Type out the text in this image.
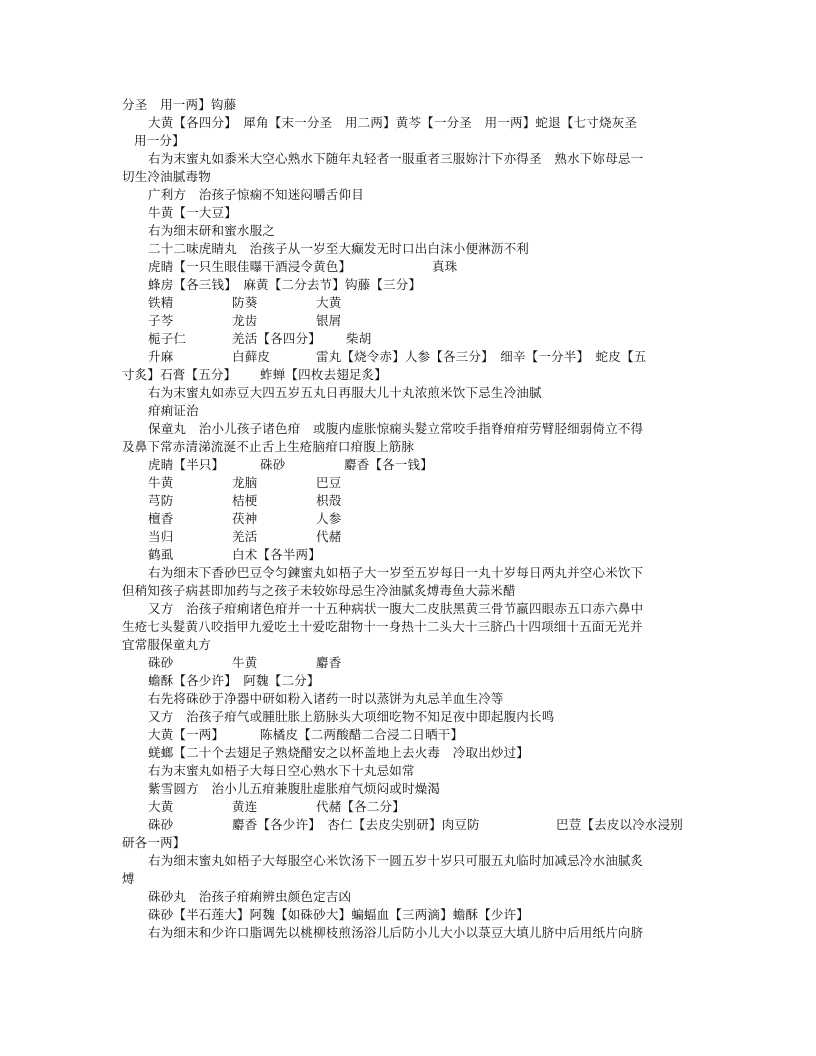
分圣　用一两】钩藤
大黄【各四分】　犀角【末一分圣　用二两】黄芩【一分圣　用一两】蛇退【七寸烧灰圣
用一分】
右为末蜜丸如黍米大空心熟水下随年丸轻者一服重者三服妳汁下亦得圣　熟水下妳母忌一
切生冷油腻毒物
广利方　治孩子惊痫不知迷闷嚼舌仰目
牛黄【一大豆】
右为细末研和蜜水服之
二十二味虎睛丸　治孩子从一岁至大癫发无时口出白沫小便淋沥不利
虎睛【一只生眼佳曝干酒浸令黄色】	真珠
蜂房【各三钱】　麻黄【二分去节】钩藤【三分】
铁精	防葵	大黄
子芩	龙齿	银屑
栀子仁	羌活【各四分】 柴胡
升麻	白藓皮	雷丸【烧令赤】人参【各三分】　细辛【一分半】　蛇皮【五
寸炙】石膏【五分】 蚱蝉【四枚去翅足炙】
右为末蜜丸如赤豆大四五岁五丸日再服大儿十丸浓煎米饮下忌生冷油腻
疳痢证治
保童丸　治小儿孩子诸色疳　或腹内虚胀惊痫头髮立常咬手指脊疳疳劳臂胫细弱倚立不得
及鼻下常赤清涕流涎不止舌上生疮脑疳口疳腹上筋脉
虎睛【半只】	硃砂	麝香【各一钱】
牛黄	龙脑	巴豆
芎防	桔梗	枳殻
檀香	茯神	人参
当归	羌活	代赭
鹤虱	白术【各半两】
右为细末下香砂巴豆令匀鍊蜜丸如梧子大一岁至五岁每日一丸十岁每日两丸并空心米饮下
但稍知孩子病甚即加药与之孩子未较妳母忌生冷油腻炙煿毒鱼大蒜米醋
又方　治孩子疳痢诸色疳并一十五种病状一腹大二皮肤黑黄三骨节羸四眼赤五口赤六鼻中
生疮七头髮黄八咬指甲九爱吃土十爱吃甜物十一身热十二头大十三脐凸十四项细十五面无光并
宜常服保童丸方
硃砂	牛黄	麝香
蟾酥【各少许】　阿魏【二分】
右先将硃砂于净器中研如粉入诸药一时以蒸饼为丸忌羊血生冷等
又方　治孩子疳气或腫肚胀上筋脉头大项细吃物不知足夜中即起腹内长鸣
大黄【一两】	陈橘皮【二两酸醋二合浸二日晒干】
蜣螂【二十个去翅足子熟烧醋安之以杯盖地上去火毒　冷取出炒过】
右为末蜜丸如梧子大每日空心熟水下十丸忌如常
紫雪圆方　治小儿五疳兼腹肚虚胀疳气烦闷或时燥渴
大黄	黄连	代赭【各二分】
硃砂	麝香【各少许】　杏仁【去皮尖别研】肉豆防	巴荳【去皮以冷水浸别
研各一两】
右为细末蜜丸如梧子大每服空心米饮汤下一圆五岁十岁只可服五丸临时加减忌冷水油腻炙
煿
硃砂丸　治孩子疳痢辨虫颜色定吉凶
硃砂【半石莲大】阿魏【如硃砂大】蝙蝠血【三两滴】蟾酥【少许】
右为细末和少许口脂调先以桃柳枝煎汤浴儿后防小儿大小以菉豆大填儿脐中后用纸片向脐
